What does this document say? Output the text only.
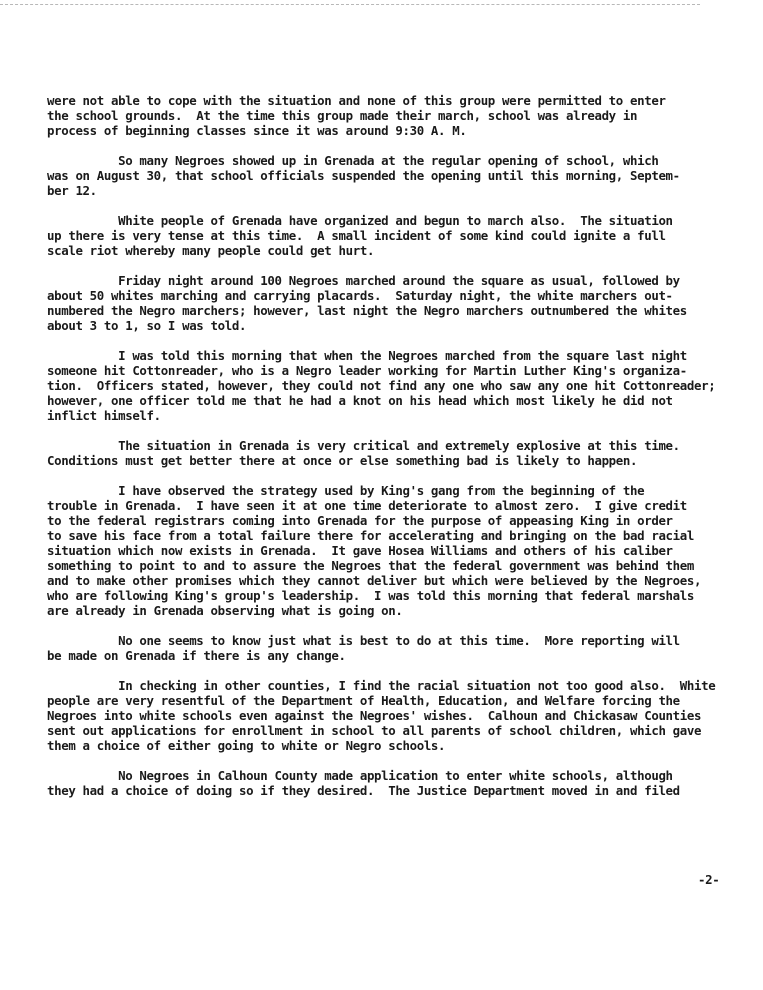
were not able to cope with the situation and none of this group were permitted to enter
the school grounds.  At the time this group made their march, school was already in
process of beginning classes since it was around 9:30 A. M.

So many Negroes showed up in Grenada at the regular opening of school, which
was on August 30, that school officials suspended the opening until this morning, Septem-
ber 12.

White people of Grenada have organized and begun to march also.  The situation
up there is very tense at this time.  A small incident of some kind could ignite a full
scale riot whereby many people could get hurt.

Friday night around 100 Negroes marched around the square as usual, followed by
about 50 whites marching and carrying placards.  Saturday night, the white marchers out-
numbered the Negro marchers; however, last night the Negro marchers outnumbered the whites
about 3 to 1, so I was told.

I was told this morning that when the Negroes marched from the square last night
someone hit Cottonreader, who is a Negro leader working for Martin Luther King's organiza-
tion.  Officers stated, however, they could not find any one who saw any one hit Cottonreader;
however, one officer told me that he had a knot on his head which most likely he did not
inflict himself.

The situation in Grenada is very critical and extremely explosive at this time.
Conditions must get better there at once or else something bad is likely to happen.

I have observed the strategy used by King's gang from the beginning of the
trouble in Grenada.  I have seen it at one time deteriorate to almost zero.  I give credit
to the federal registrars coming into Grenada for the purpose of appeasing King in order
to save his face from a total failure there for accelerating and bringing on the bad racial
situation which now exists in Grenada.  It gave Hosea Williams and others of his caliber
something to point to and to assure the Negroes that the federal government was behind them
and to make other promises which they cannot deliver but which were believed by the Negroes,
who are following King's group's leadership.  I was told this morning that federal marshals
are already in Grenada observing what is going on.

No one seems to know just what is best to do at this time.  More reporting will
be made on Grenada if there is any change.

In checking in other counties, I find the racial situation not too good also.  White
people are very resentful of the Department of Health, Education, and Welfare forcing the
Negroes into white schools even against the Negroes' wishes.  Calhoun and Chickasaw Counties
sent out applications for enrollment in school to all parents of school children, which gave
them a choice of either going to white or Negro schools.

No Negroes in Calhoun County made application to enter white schools, although
they had a choice of doing so if they desired.  The Justice Department moved in and filed

-2-
